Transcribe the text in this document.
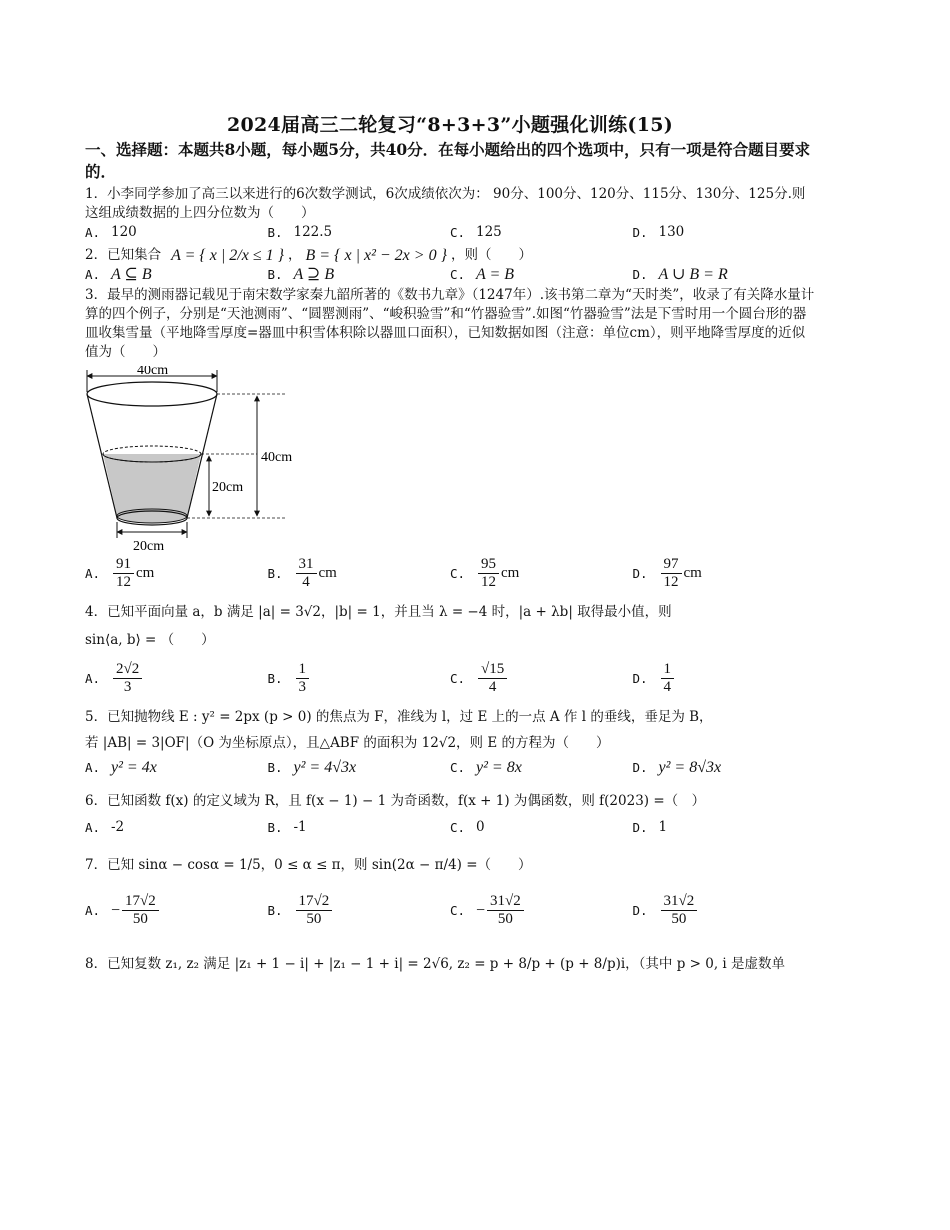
2024届高三二轮复习“8+3+3”小题强化训练(15)
一、选择题：本题共8小题，每小题5分，共40分．在每小题给出的四个选项中，只有一项是符合题目要求的．
1．小李同学参加了高三以来进行的6次数学测试，6次成绩依次为： 90分、100分、120分、115分、130分、125分.则这组成绩数据的上四分位数为（　　）
A. 120	B. 122.5	C. 125	D. 130
2．已知集合 A = { x | 2/x ≤ 1 } ， B = { x | x² − 2x > 0 } ，则（　　）
A. A ⊆ B	B. A ⊇ B	C. A = B	D. A ∪ B = R
3．最早的测雨器记载见于南宋数学家秦九韶所著的《数书九章》（1247年）.该书第二章为“天时类”，收录了有关降水量计算的四个例子，分别是“天池测雨”、“圆罂测雨”、“峻积验雪”和“竹器验雪”.如图“竹器验雪”法是下雪时用一个圆台形的器皿收集雪量（平地降雪厚度=器皿中积雪体积除以器皿口面积），已知数据如图（注意：单位cm），则平地降雪厚度的近似值为（　　）
40cm
40cm
20cm
20cm
A. $\frac{91}{12}$ cm	B. $\frac{31}{4}$ cm	C. $\frac{95}{12}$ cm	D. $\frac{97}{12}$ cm
4．已知平面向量 a，b 满足 |a| = 3√2，|b| = 1，并且当 λ = −4 时，|a + λb| 取得最小值，则
sin⟨a, b⟩ = （　　）
A. $\frac{2√2}{3}$	B. $\frac{1}{3}$	C. $\frac{√15}{4}$	D. $\frac{1}{4}$
5．已知抛物线 E : y² = 2px (p > 0) 的焦点为 F，准线为 l，过 E 上的一点 A 作 l 的垂线，垂足为 B，
若 |AB| = 3|OF|（O 为坐标原点），且△ABF 的面积为 12√2，则 E 的方程为（　　）
A. y² = 4x	B. y² = 4√3x	C. y² = 8x	D. y² = 8√3x
6．已知函数 f(x) 的定义域为 R，且 f(x − 1) − 1 为奇函数，f(x + 1) 为偶函数，则 f(2023) =（　）
A. -2	B. -1	C. 0	D. 1
7．已知 sinα − cosα = 1/5，0 ≤ α ≤ π，则 sin(2α − π/4) =（　　）
A. − $\frac{17√2}{50}$	B. $\frac{17√2}{50}$	C. − $\frac{31√2}{50}$	D. $\frac{31√2}{50}$
8．已知复数 z₁, z₂ 满足 |z₁ + 1 − i| + |z₁ − 1 + i| = 2√6, z₂ = p + 8/p + (p + 8/p)i，（其中 p > 0, i 是虚数单
